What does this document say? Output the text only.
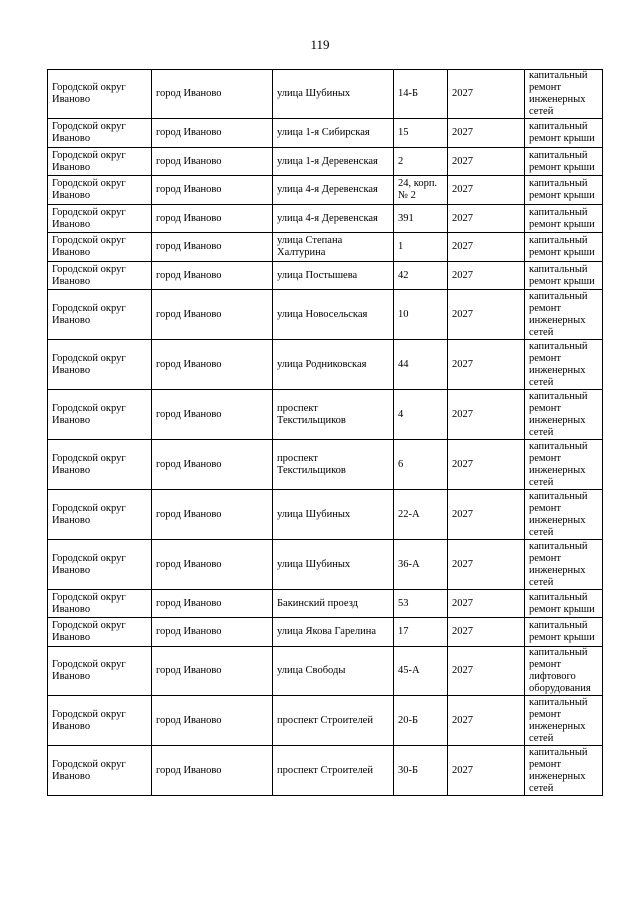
119
Городской округ Иваново	город Иваново	улица Шубиных	14-Б	2027	капитальный ремонт инженерных сетей
Городской округ Иваново	город Иваново	улица 1-я Сибирская	15	2027	капитальный ремонт крыши
Городской округ Иваново	город Иваново	улица 1-я Деревенская	2	2027	капитальный ремонт крыши
Городской округ Иваново	город Иваново	улица 4-я Деревенская	24, корп. № 2	2027	капитальный ремонт крыши
Городской округ Иваново	город Иваново	улица 4-я Деревенская	391	2027	капитальный ремонт крыши
Городской округ Иваново	город Иваново	улица Степана Халтурина	1	2027	капитальный ремонт крыши
Городской округ Иваново	город Иваново	улица Постышева	42	2027	капитальный ремонт крыши
Городской округ Иваново	город Иваново	улица Новосельская	10	2027	капитальный ремонт инженерных сетей
Городской округ Иваново	город Иваново	улица Родниковская	44	2027	капитальный ремонт инженерных сетей
Городской округ Иваново	город Иваново	проспект Текстильщиков	4	2027	капитальный ремонт инженерных сетей
Городской округ Иваново	город Иваново	проспект Текстильщиков	6	2027	капитальный ремонт инженерных сетей
Городской округ Иваново	город Иваново	улица Шубиных	22-А	2027	капитальный ремонт инженерных сетей
Городской округ Иваново	город Иваново	улица Шубиных	36-А	2027	капитальный ремонт инженерных сетей
Городской округ Иваново	город Иваново	Бакинский проезд	53	2027	капитальный ремонт крыши
Городской округ Иваново	город Иваново	улица Якова Гарелина	17	2027	капитальный ремонт крыши
Городской округ Иваново	город Иваново	улица Свободы	45-А	2027	капитальный ремонт лифтового оборудования
Городской округ Иваново	город Иваново	проспект Строителей	20-Б	2027	капитальный ремонт инженерных сетей
Городской округ Иваново	город Иваново	проспект Строителей	30-Б	2027	капитальный ремонт инженерных сетей
